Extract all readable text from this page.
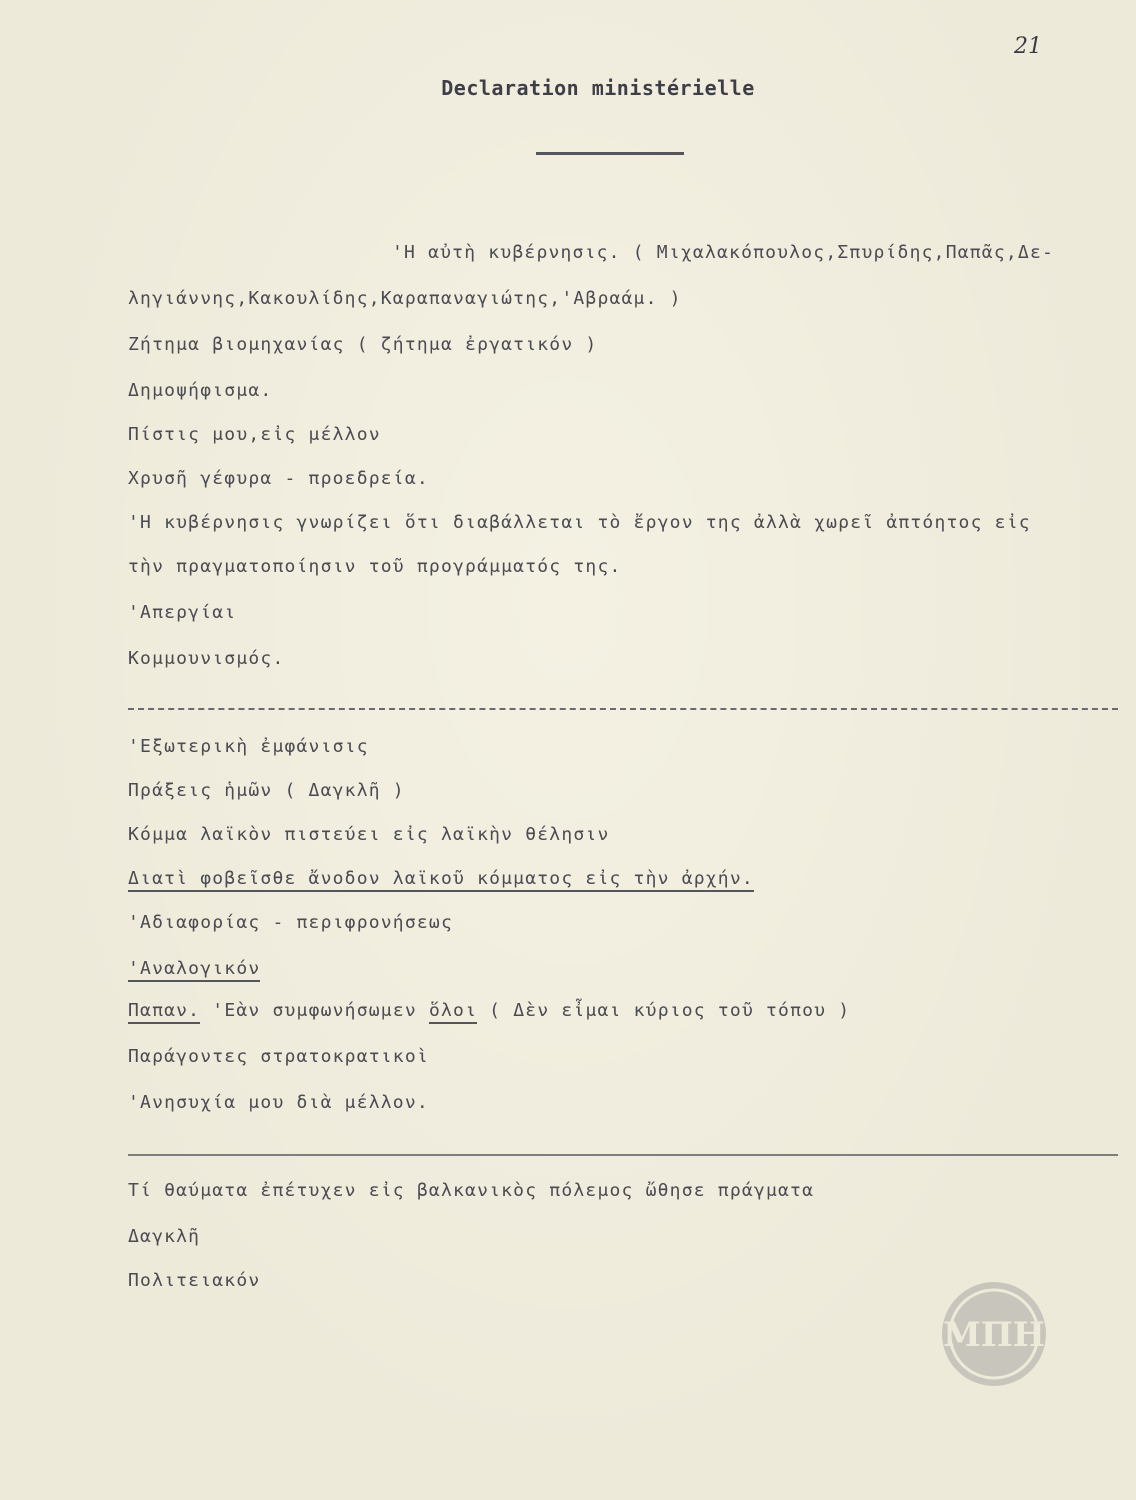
21
Declaration ministérielle
'Η αὐτὴ κυβέρνησις. ( Μιχαλακόπουλος,Σπυρίδης,Παπᾶς,Δε-
ληγιάννης,Κακουλίδης,Καραπαναγιώτης,'Αβραάμ. )
Ζήτημα βιομηχανίας ( ζήτημα ἐργατικόν )
Δημοψήφισμα.
Πίστις μου,εἰς μέλλον
Χρυσῆ γέφυρα - προεδρεία.
'Η κυβέρνησις γνωρίζει ὅτι διαβάλλεται τὸ ἔργον της ἀλλὰ χωρεῖ ἀπτόητος εἰς
τὴν πραγματοποίησιν τοῦ προγράμματός της.
'Απεργίαι
Κομμουνισμός.
'Εξωτερικὴ ἐμφάνισις
Πράξεις ἡμῶν ( Δαγκλῆ )
Κόμμα λαϊκὸν πιστεύει εἰς λαϊκὴν θέλησιν
Διατὶ φοβεῖσθε ἄνοδον λαϊκοῦ κόμματος εἰς τὴν ἀρχήν.
'Αδιαφορίας - περιφρονήσεως
'Αναλογικόν
Παπαν. 'Εὰν συμφωνήσωμεν ὅλοι ( Δὲν εἶμαι κύριος τοῦ τόπου )
Παράγοντες στρατοκρατικοὶ
'Ανησυχία μου διὰ μέλλον.
Τί θαύματα ἐπέτυχεν εἰς βαλκανικὸς πόλεμος ὤθησε πράγματα
Δαγκλῆ
Πολιτειακόν
ΜΠΗ
